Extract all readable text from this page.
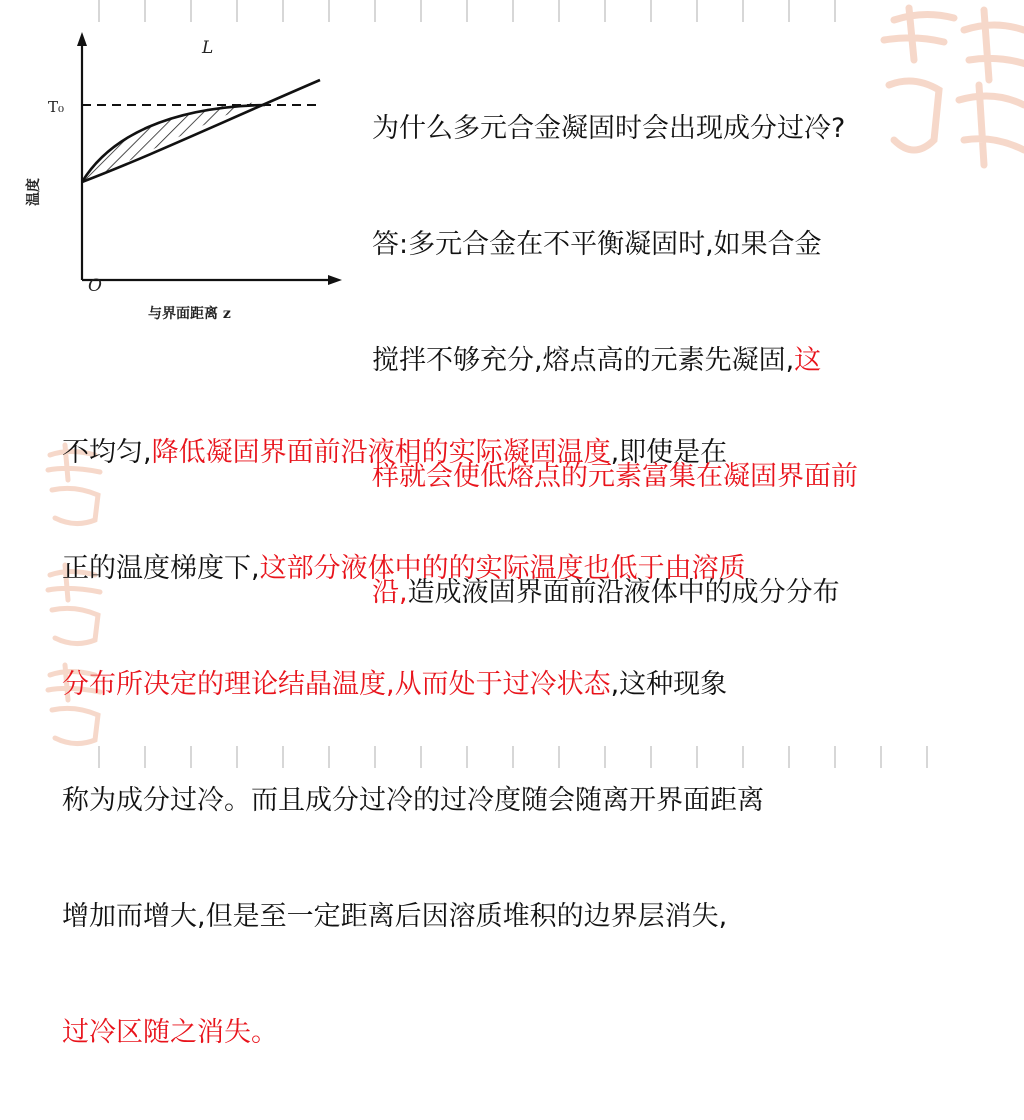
L
T₀
O
温度
与界面距离 z

为什么多元合金凝固时会出现成分过冷?

答:多元合金在不平衡凝固时,如果合金

搅拌不够充分,熔点高的元素先凝固,这

样就会使低熔点的元素富集在凝固界面前

沿,造成液固界面前沿液体中的成分分布

不均匀,降低凝固界面前沿液相的实际凝固温度,即使是在

正的温度梯度下,这部分液体中的的实际温度也低于由溶质

分布所决定的理论结晶温度,从而处于过冷状态,这种现象

称为成分过冷。而且成分过冷的过冷度随会随离开界面距离

增加而增大,但是至一定距离后因溶质堆积的边界层消失,

过冷区随之消失。
